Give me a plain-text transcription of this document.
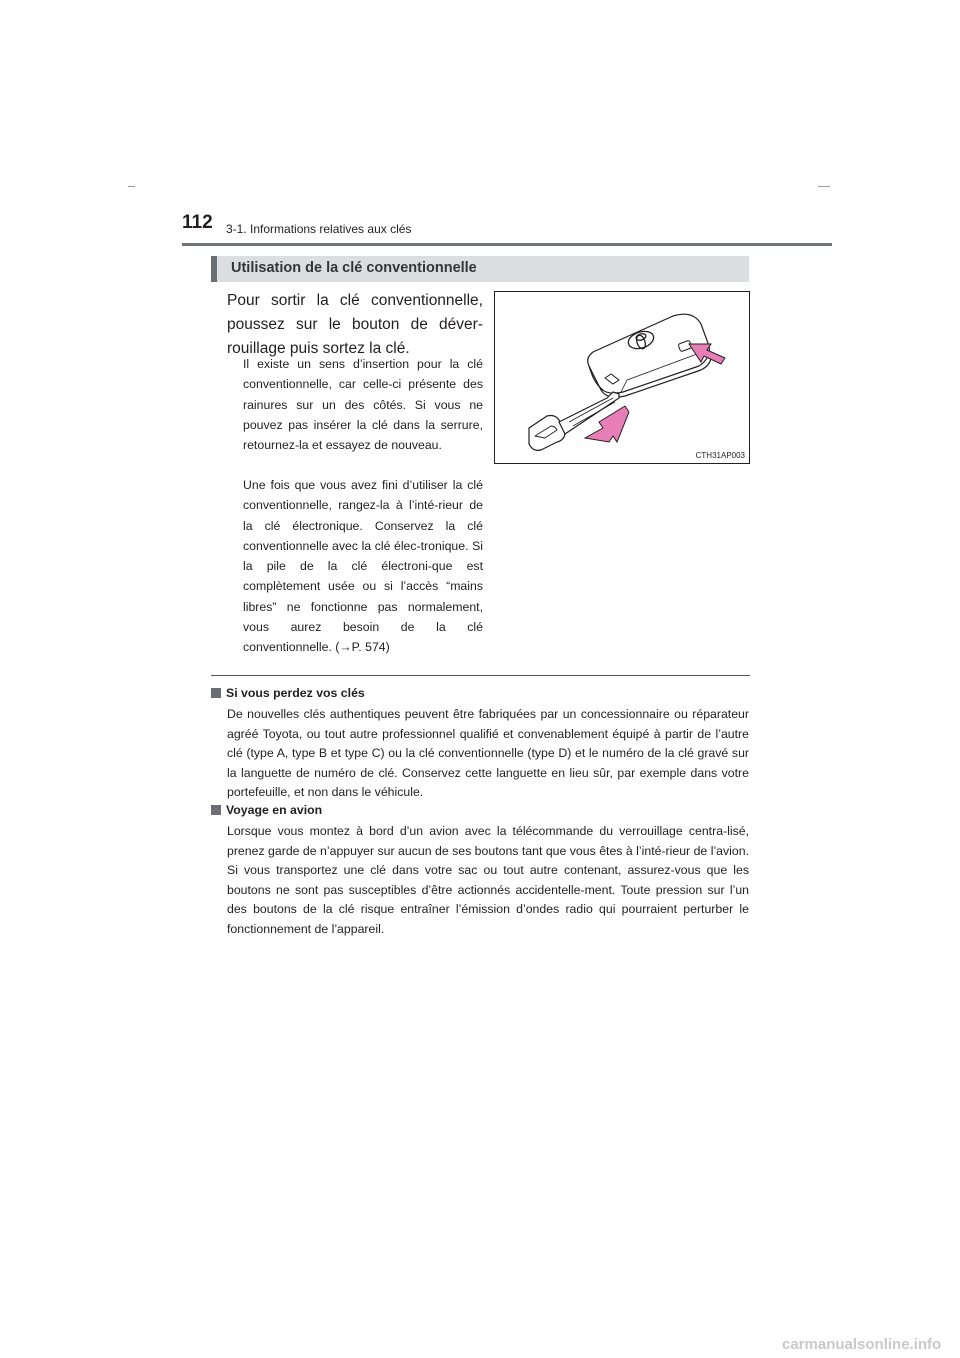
112 3-1. Informations relatives aux clés
Utilisation de la clé conventionnelle
Pour sortir la clé conventionnelle, poussez sur le bouton de déver-rouillage puis sortez la clé.
Il existe un sens d’insertion pour la clé conventionnelle, car celle-ci présente des rainures sur un des côtés. Si vous ne pouvez pas insérer la clé dans la serrure, retournez-la et essayez de nouveau.
Une fois que vous avez fini d’utiliser la clé conventionnelle, rangez-la à l’inté-rieur de la clé électronique. Conservez la clé conventionnelle avec la clé élec-tronique. Si la pile de la clé électroni-que est complètement usée ou si l’accès “mains libres” ne fonctionne pas normalement, vous aurez besoin de la clé conventionnelle. (→P. 574)
CTH31AP003
Si vous perdez vos clés
De nouvelles clés authentiques peuvent être fabriquées par un concessionnaire ou réparateur agréé Toyota, ou tout autre professionnel qualifié et convenablement équipé à partir de l’autre clé (type A, type B et type C) ou la clé conventionnelle (type D) et le numéro de la clé gravé sur la languette de numéro de clé. Conservez cette languette en lieu sûr, par exemple dans votre portefeuille, et non dans le véhicule.
Voyage en avion
Lorsque vous montez à bord d’un avion avec la télécommande du verrouillage centra-lisé, prenez garde de n’appuyer sur aucun de ses boutons tant que vous êtes à l’inté-rieur de l’avion. Si vous transportez une clé dans votre sac ou tout autre contenant, assurez-vous que les boutons ne sont pas susceptibles d’être actionnés accidentelle-ment. Toute pression sur l’un des boutons de la clé risque entraîner l’émission d’ondes radio qui pourraient perturber le fonctionnement de l’appareil.
carmanualsonline.info
